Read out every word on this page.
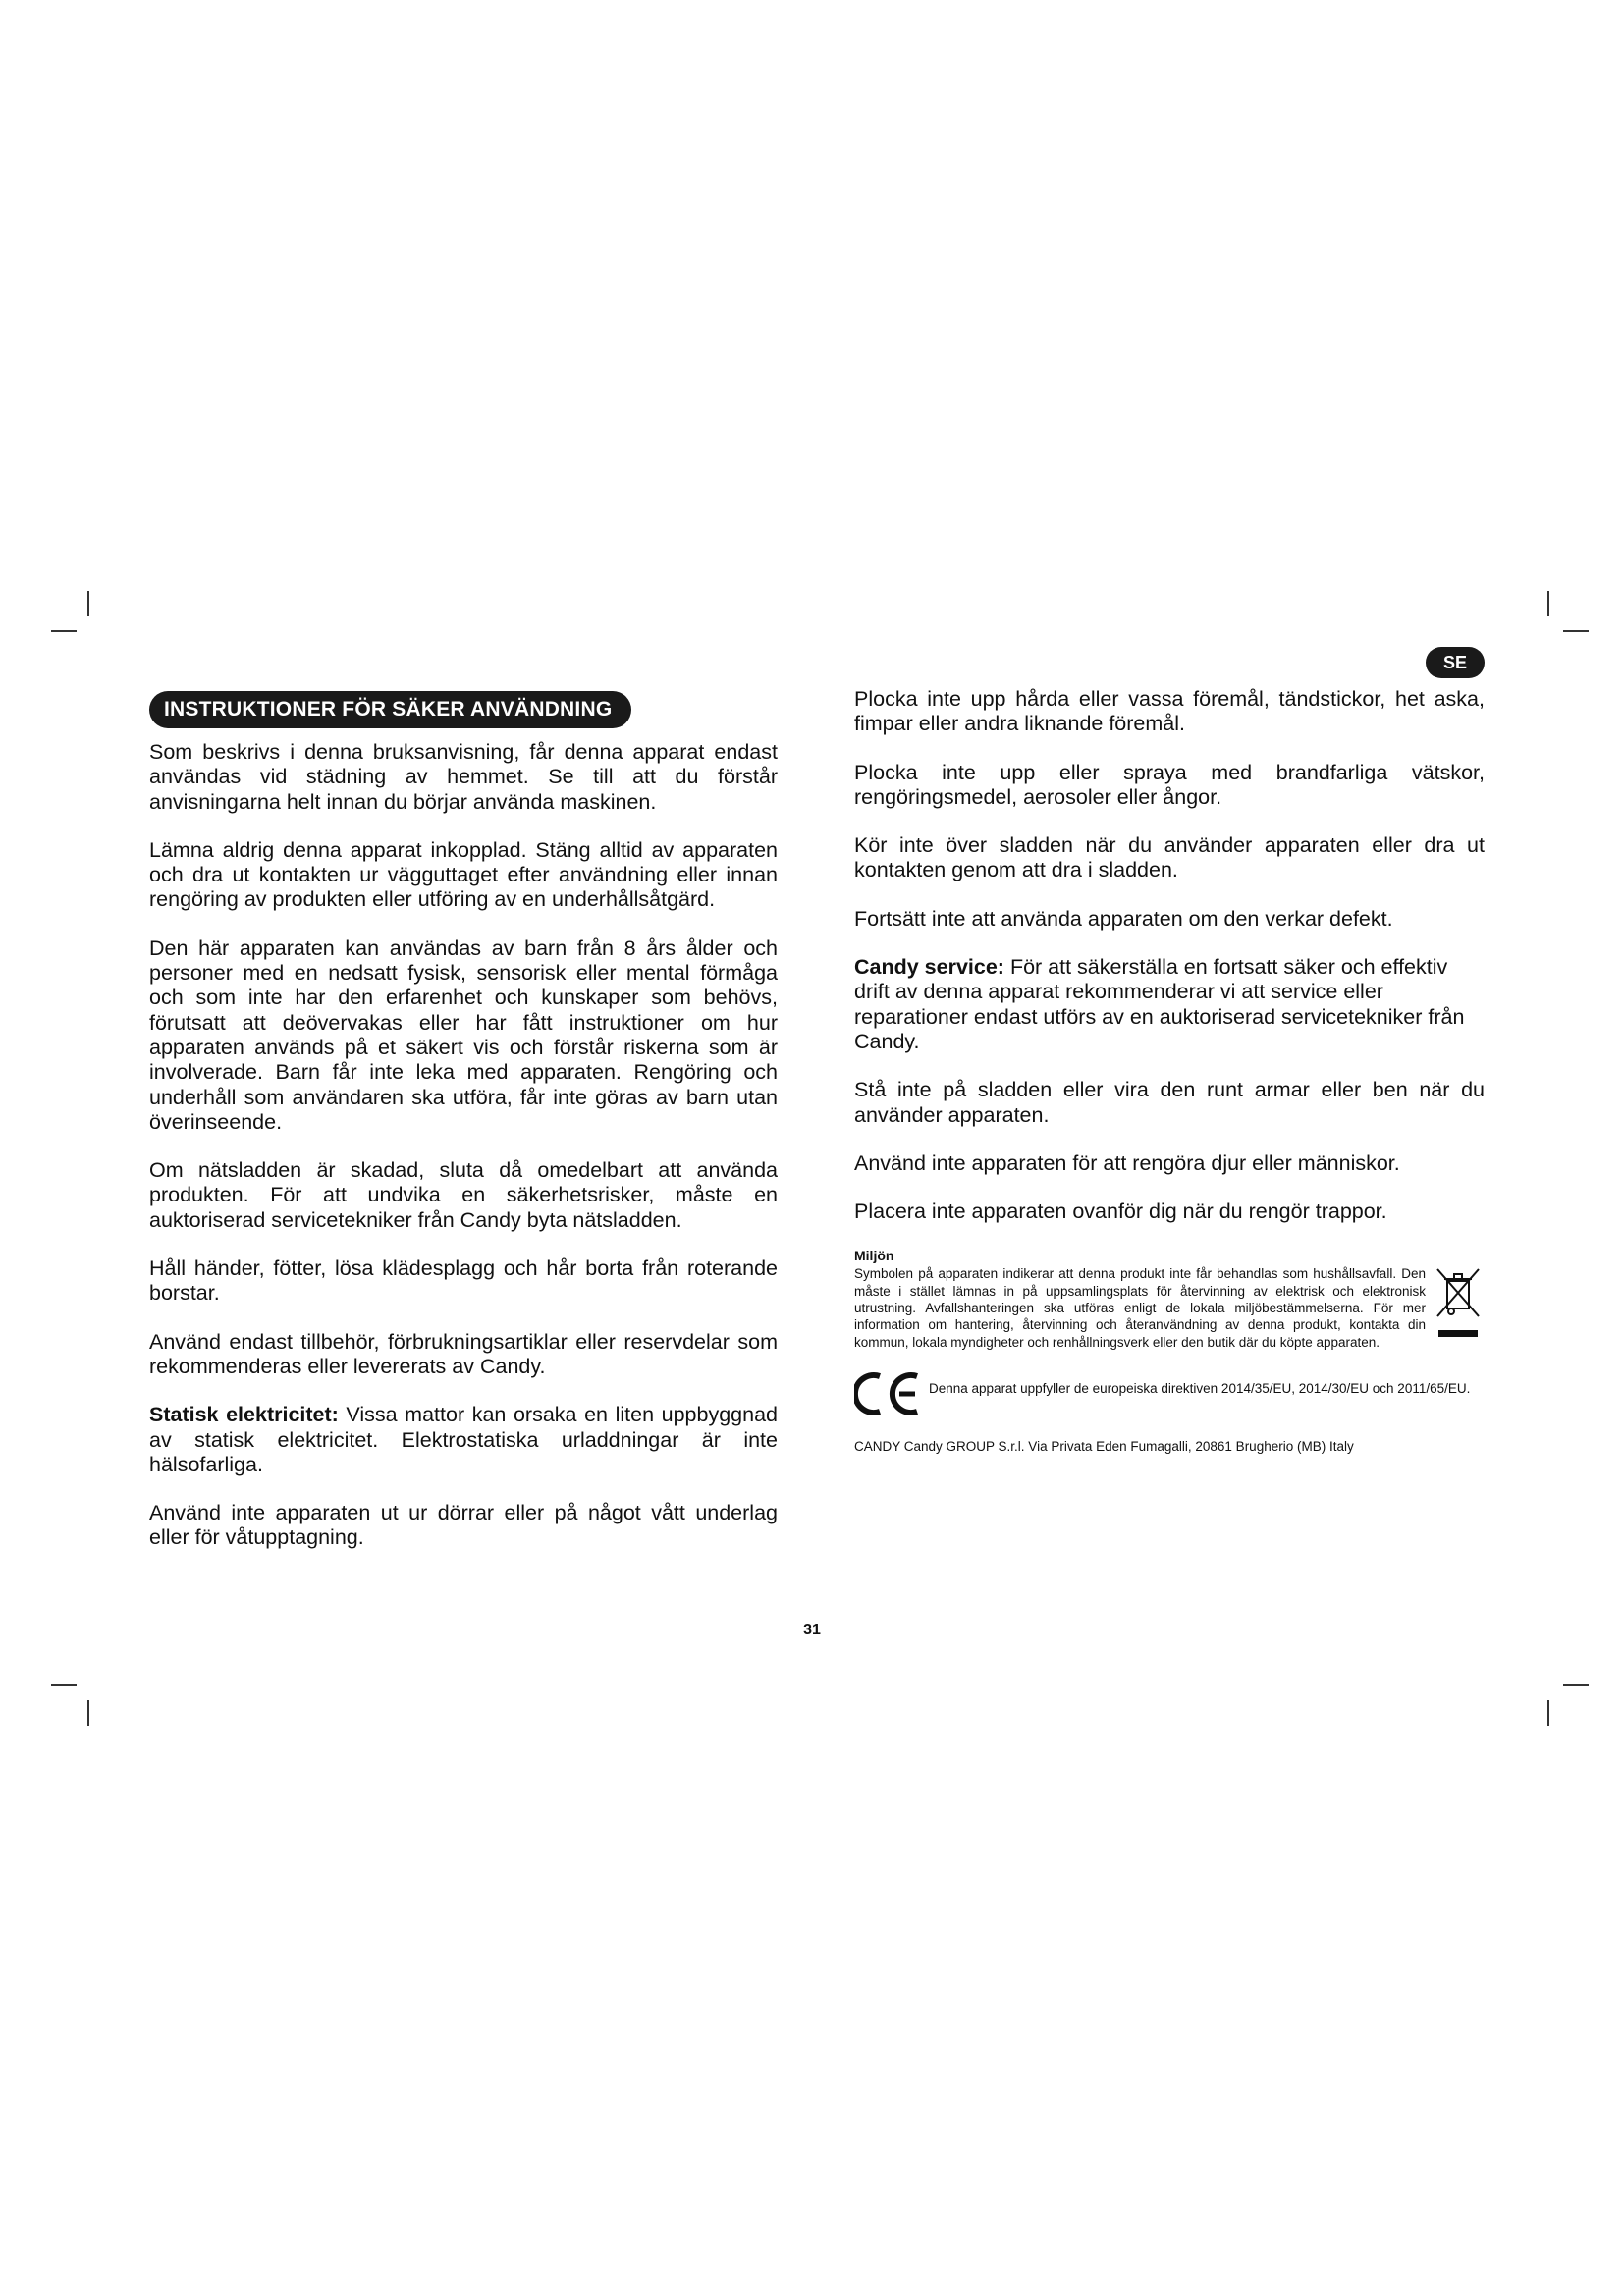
SE
INSTRUKTIONER FÖR SÄKER ANVÄNDNING

Som beskrivs i denna bruksanvisning, får denna apparat endast användas vid städning av hemmet. Se till att du förstår anvisningarna helt innan du börjar använda maskinen.

Lämna aldrig denna apparat inkopplad. Stäng alltid av apparaten och dra ut kontakten ur vägguttaget efter användning eller innan rengöring av produkten eller utföring av en underhållsåtgärd.

Den här apparaten kan användas av barn från 8 års ålder och personer med en nedsatt fysisk, sensorisk eller mental förmåga och som inte har den erfarenhet och kunskaper som behövs, förutsatt att deövervakas eller har fått instruktioner om hur apparaten används på et säkert vis och förstår riskerna som är involverade. Barn får inte leka med apparaten. Rengöring och underhåll som användaren ska utföra, får inte göras av barn utan överinseende.

Om nätsladden är skadad, sluta då omedelbart att använda produkten. För att undvika en säkerhetsrisker, måste en auktoriserad servicetekniker från Candy byta nätsladden.

Håll händer, fötter, lösa klädesplagg och hår borta från roterande borstar.

Använd endast tillbehör, förbrukningsartiklar eller reservdelar som rekommenderas eller levererats av Candy.

Statisk elektricitet: Vissa mattor kan orsaka en liten uppbyggnad av statisk elektricitet. Elektrostatiska urladdningar är inte hälsofarliga.

Använd inte apparaten ut ur dörrar eller på något vått underlag eller för våtupptagning.

Plocka inte upp hårda eller vassa föremål, tändstickor, het aska, fimpar eller andra liknande föremål.

Plocka inte upp eller spraya med brandfarliga vätskor, rengöringsmedel, aerosoler eller ångor.

Kör inte över sladden när du använder apparaten eller dra ut kontakten genom att dra i sladden.

Fortsätt inte att använda apparaten om den verkar defekt.

Candy service: För att säkerställa en fortsatt säker och effektiv drift av denna apparat rekommenderar vi att service eller reparationer endast utförs av en auktoriserad servicetekniker från Candy.

Stå inte på sladden eller vira den runt armar eller ben när du använder apparaten.

Använd inte apparaten för att rengöra djur eller människor.

Placera inte apparaten ovanför dig när du rengör trappor.

Miljön

Symbolen på apparaten indikerar att denna produkt inte får behandlas som hushållsavfall. Den måste i stället lämnas in på uppsamlingsplats för återvinning av elektrisk och elektronisk utrustning. Avfallshanteringen ska utföras enligt de lokala miljöbestämmelserna. För mer information om hantering, återvinning och återanvändning av denna produkt, kontakta din kommun, lokala myndigheter och renhållningsverk eller den butik där du köpte apparaten.

Denna apparat uppfyller de europeiska direktiven 2014/35/EU, 2014/30/EU och 2011/65/EU.

CANDY Candy GROUP S.r.l. Via Privata Eden Fumagalli, 20861 Brugherio (MB) Italy
31
